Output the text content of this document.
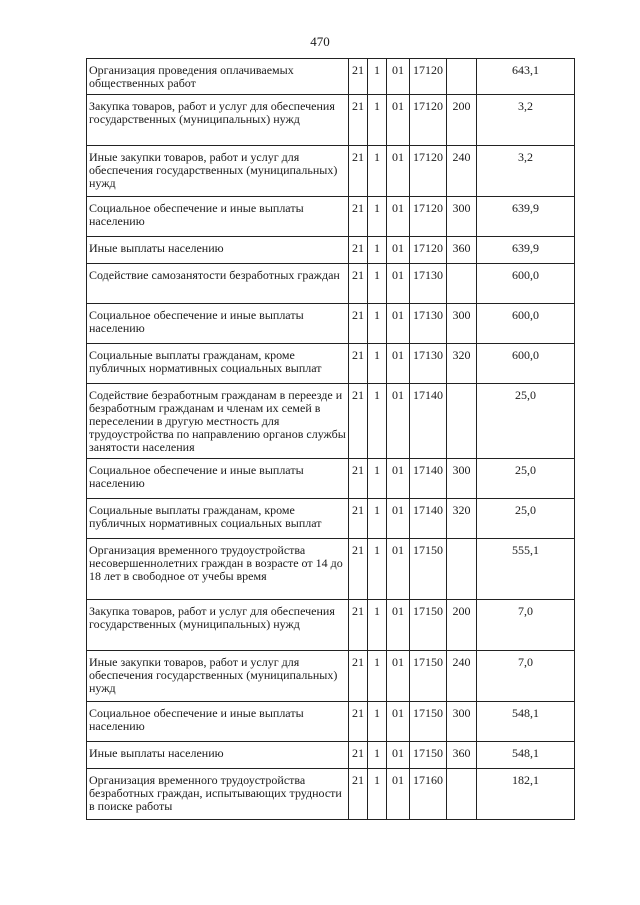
470
Организация проведения оплачиваемых общественных работ	21	1	01	17120		643,1
Закупка товаров, работ и услуг для обеспечения государственных (муниципальных) нужд	21	1	01	17120	200	3,2
Иные закупки товаров, работ и услуг для обеспечения государственных (муниципальных) нужд	21	1	01	17120	240	3,2
Социальное обеспечение и иные выплаты населению	21	1	01	17120	300	639,9
Иные выплаты населению	21	1	01	17120	360	639,9
Содействие самозанятости безработных граждан	21	1	01	17130		600,0
Социальное обеспечение и иные выплаты населению	21	1	01	17130	300	600,0
Социальные выплаты гражданам, кроме публичных нормативных социальных выплат	21	1	01	17130	320	600,0
Содействие безработным гражданам в переезде и безработным гражданам и членам их семей в переселении в другую местность для трудоустройства по направлению органов службы занятости населения	21	1	01	17140		25,0
Социальное обеспечение и иные выплаты населению	21	1	01	17140	300	25,0
Социальные выплаты гражданам, кроме публичных нормативных социальных выплат	21	1	01	17140	320	25,0
Организация временного трудоустройства несовершеннолетних граждан в возрасте от 14 до 18 лет в свободное от учебы время	21	1	01	17150		555,1
Закупка товаров, работ и услуг для обеспечения государственных (муниципальных) нужд	21	1	01	17150	200	7,0
Иные закупки товаров, работ и услуг для обеспечения государственных (муниципальных) нужд	21	1	01	17150	240	7,0
Социальное обеспечение и иные выплаты населению	21	1	01	17150	300	548,1
Иные выплаты населению	21	1	01	17150	360	548,1
Организация временного трудоустройства безработных граждан, испытывающих трудности в поиске работы	21	1	01	17160		182,1
